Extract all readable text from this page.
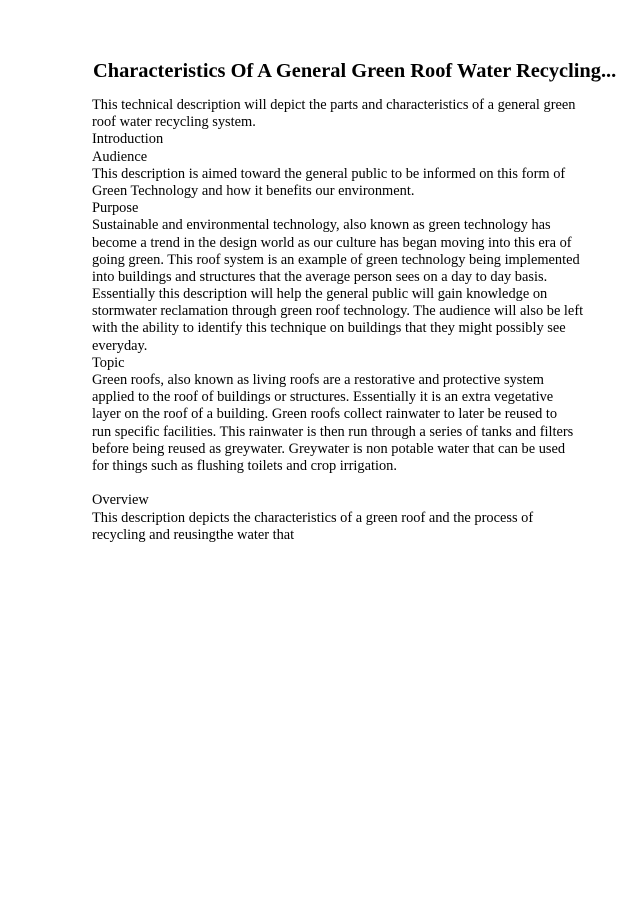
Characteristics Of A General Green Roof Water Recycling...
This technical description will depict the parts and characteristics of a general green
roof water recycling system.
Introduction
Audience
This description is aimed toward the general public to be informed on this form of
Green Technology and how it benefits our environment.
Purpose
Sustainable and environmental technology, also known as green technology has
become a trend in the design world as our culture has began moving into this era of
going green. This roof system is an example of green technology being implemented
into buildings and structures that the average person sees on a day to day basis.
Essentially this description will help the general public will gain knowledge on
stormwater reclamation through green roof technology. The audience will also be left
with the ability to identify this technique on buildings that they might possibly see
everyday.
Topic
Green roofs, also known as living roofs are a restorative and protective system
applied to the roof of buildings or structures. Essentially it is an extra vegetative
layer on the roof of a building. Green roofs collect rainwater to later be reused to
run specific facilities. This rainwater is then run through a series of tanks and filters
before being reused as greywater. Greywater is non potable water that can be used
for things such as flushing toilets and crop irrigation.
Overview
This description depicts the characteristics of a green roof and the process of
recycling and reusingthe water that
